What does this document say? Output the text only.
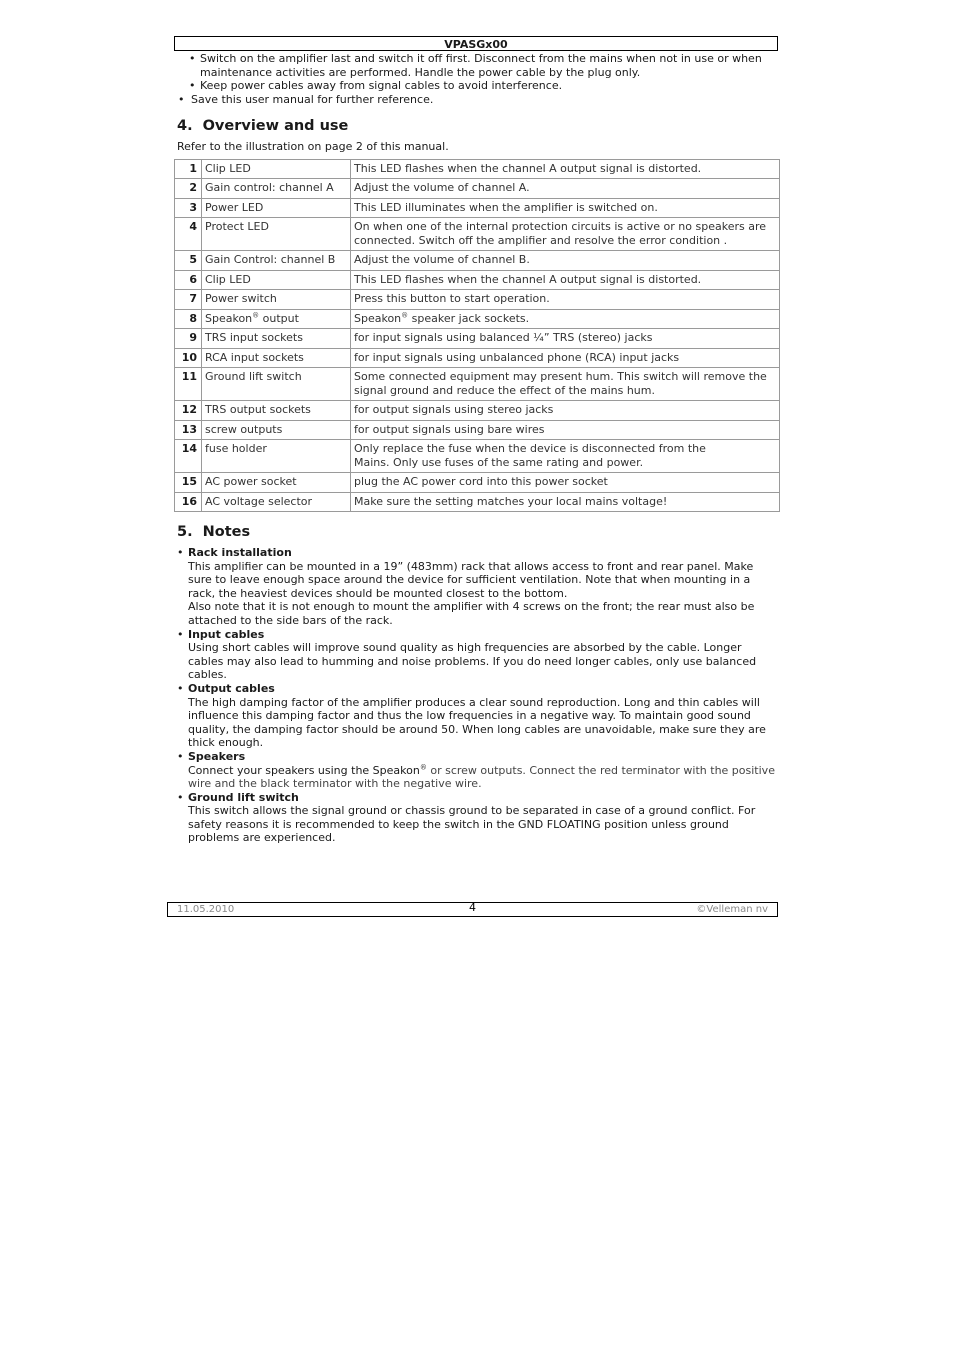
VPASGx00
• Switch on the amplifier last and switch it off first. Disconnect from the mains when not in use or when maintenance activities are performed. Handle the power cable by the plug only.
• Keep power cables away from signal cables to avoid interference.
• Save this user manual for further reference.
4. Overview and use

Refer to the illustration on page 2 of this manual.

1	Clip LED	This LED flashes when the channel A output signal is distorted.
2	Gain control: channel A	Adjust the volume of channel A.
3	Power LED	This LED illuminates when the amplifier is switched on.
4	Protect LED	On when one of the internal protection circuits is active or no speakers are connected. Switch off the amplifier and resolve the error condition .
5	Gain Control: channel B	Adjust the volume of channel B.
6	Clip LED	This LED flashes when the channel A output signal is distorted.
7	Power switch	Press this button to start operation.
8	Speakon® output	Speakon® speaker jack sockets.
9	TRS input sockets	for input signals using balanced ¼” TRS (stereo) jacks
10	RCA input sockets	for input signals using unbalanced phone (RCA) input jacks
11	Ground lift switch	Some connected equipment may present hum. This switch will remove the signal ground and reduce the effect of the mains hum.
12	TRS output sockets	for output signals using stereo jacks
13	screw outputs	for output signals using bare wires
14	fuse holder	Only replace the fuse when the device is disconnected from the
Mains. Only use fuses of the same rating and power.
15	AC power socket	plug the AC power cord into this power socket
16	AC voltage selector	Make sure the setting matches your local mains voltage!
5. Notes
• Rack installation

This amplifier can be mounted in a 19” (483mm) rack that allows access to front and rear panel. Make sure to leave enough space around the device for sufficient ventilation. Note that when mounting in a rack, the heaviest devices should be mounted closest to the bottom.

Also note that it is not enough to mount the amplifier with 4 screws on the front; the rear must also be attached to the side bars of the rack.

• Input cables

Using short cables will improve sound quality as high frequencies are absorbed by the cable. Longer cables may also lead to humming and noise problems. If you do need longer cables, only use balanced cables.

• Output cables

The high damping factor of the amplifier produces a clear sound reproduction. Long and thin cables will influence this damping factor and thus the low frequencies in a negative way. To maintain good sound quality, the damping factor should be around 50. When long cables are unavoidable, make sure they are thick enough.

• Speakers

Connect your speakers using the Speakon® or screw outputs. Connect the red terminator with the positive wire and the black terminator with the negative wire.

• Ground lift switch

This switch allows the signal ground or chassis ground to be separated in case of a ground conflict. For safety reasons it is recommended to keep the switch in the GND FLOATING position unless ground problems are experienced.

11.05.2010	4	©Velleman nv
